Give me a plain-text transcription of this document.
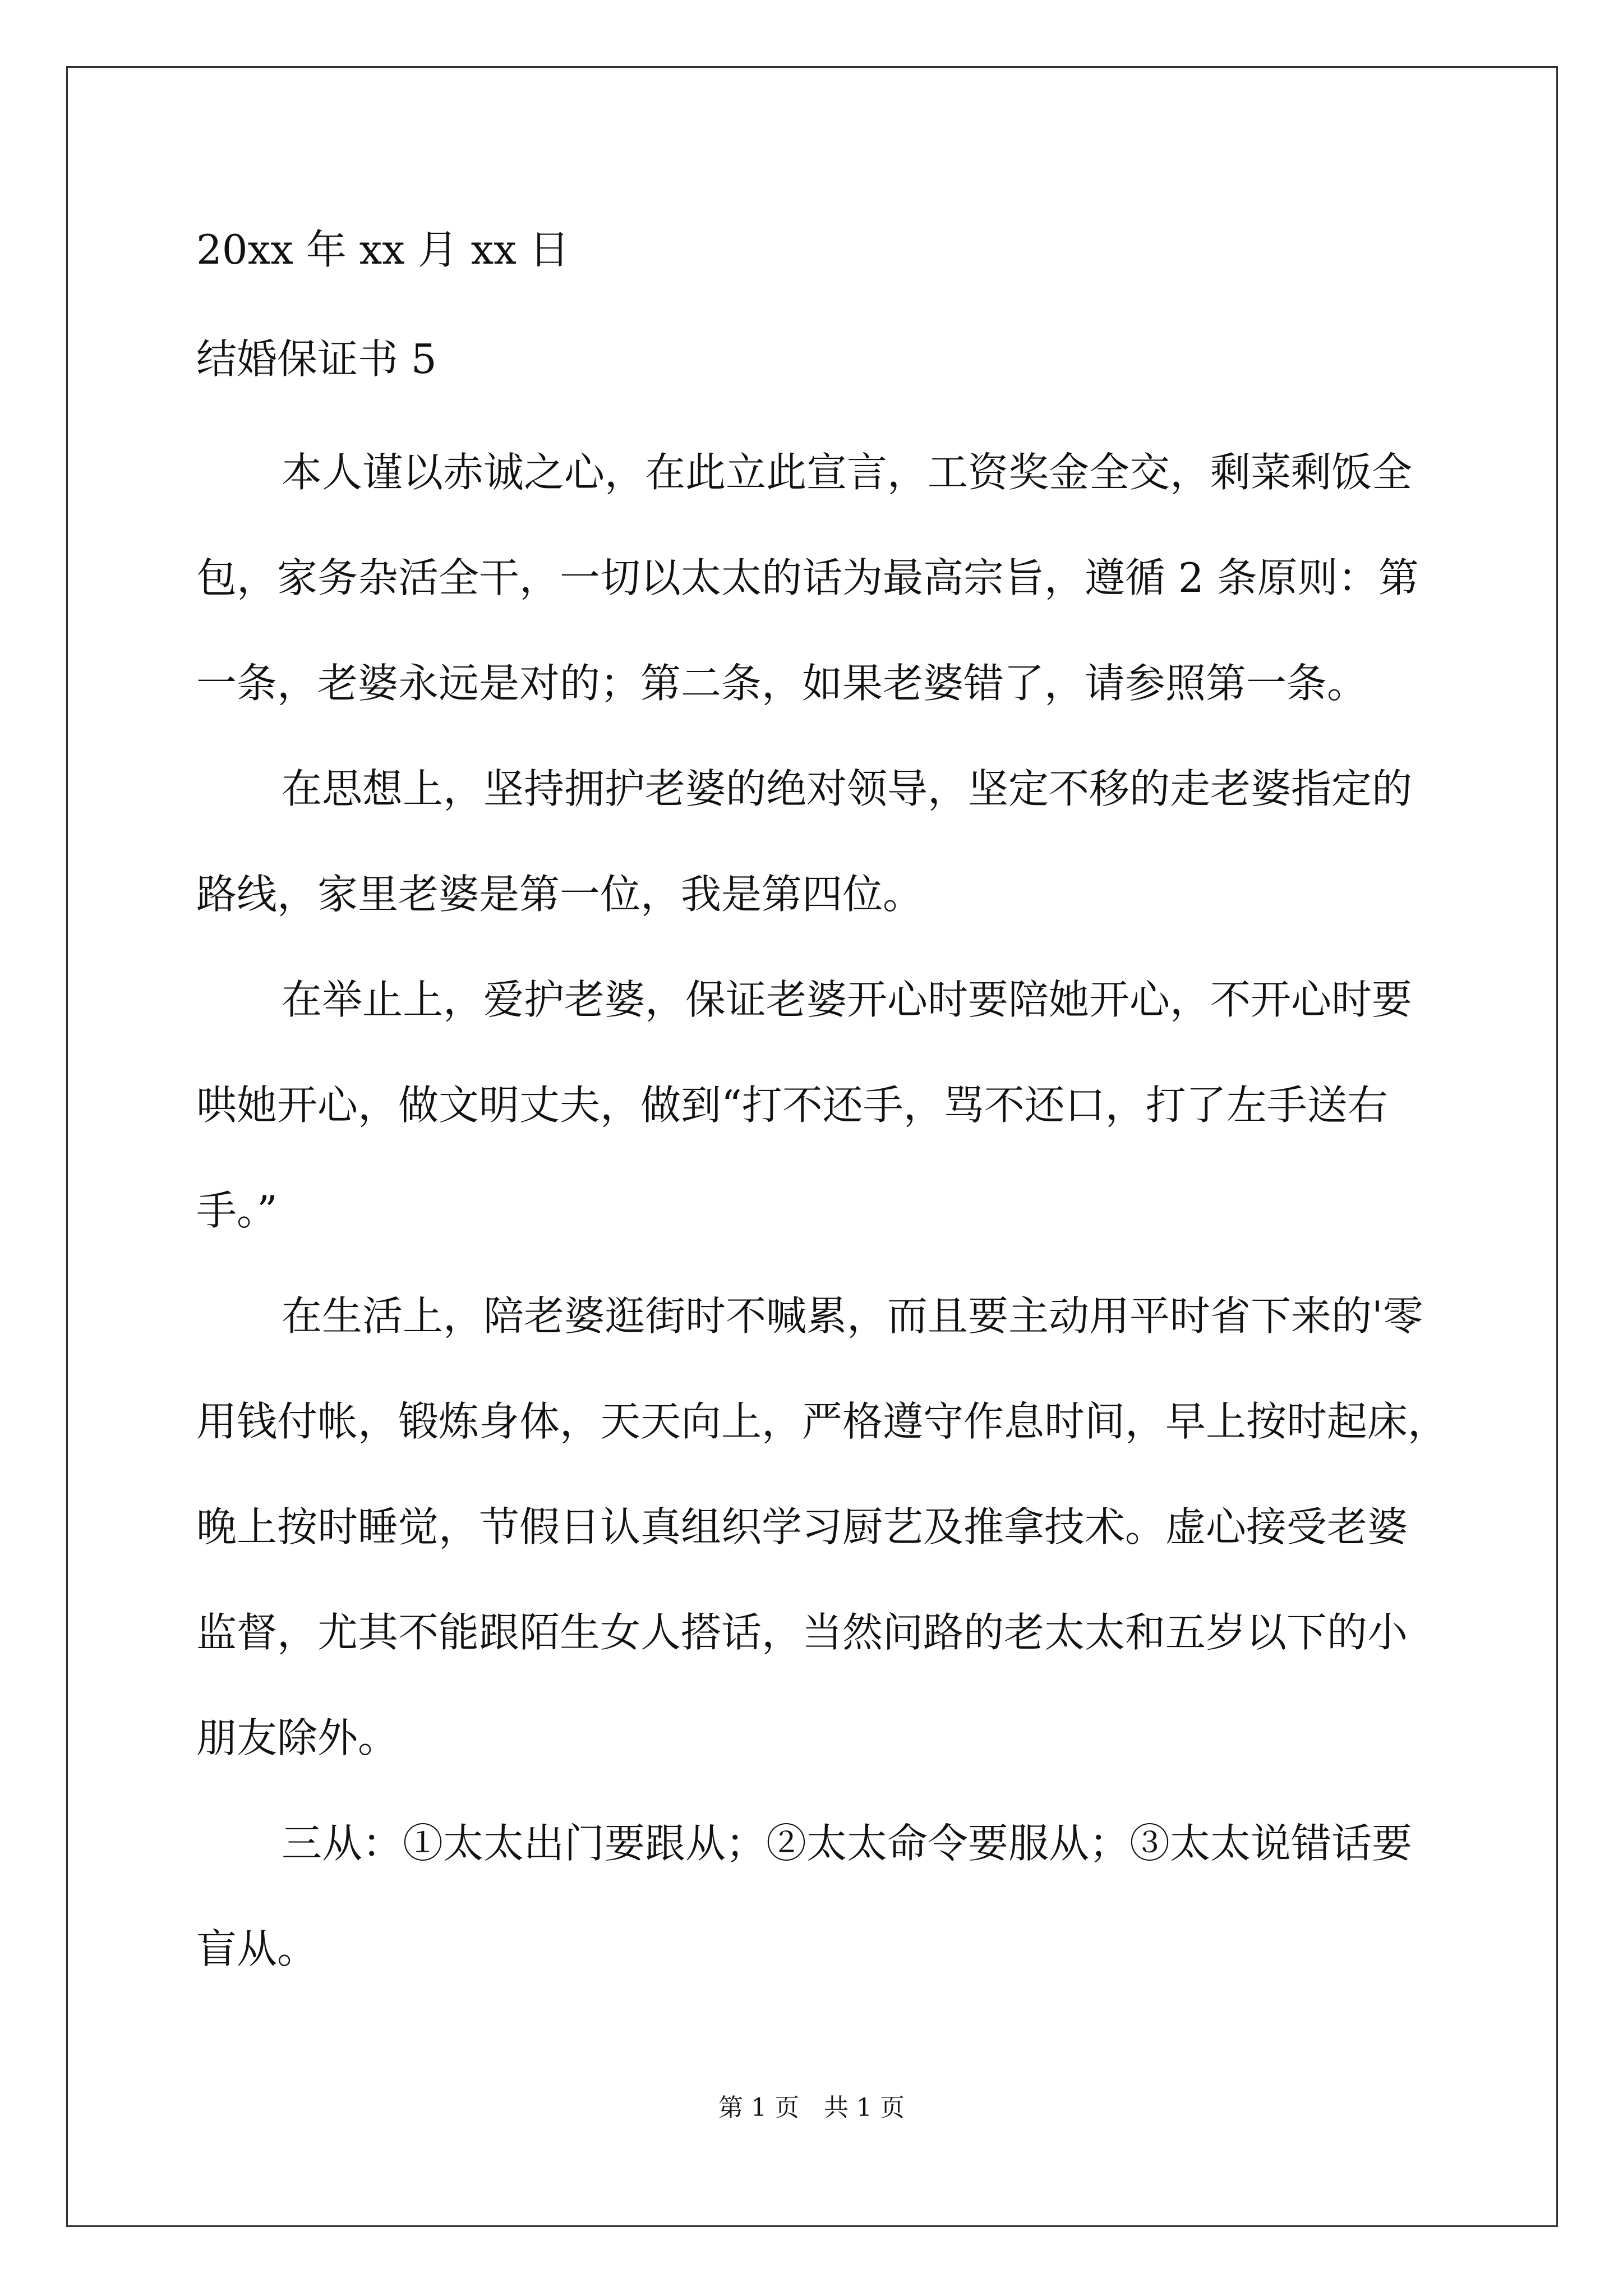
20xx 年 xx 月 xx 日

结婚保证书 5

本人谨以赤诚之心，在此立此宣言，工资奖金全交，剩菜剩饭全
包，家务杂活全干，一切以太太的话为最高宗旨，遵循 2 条原则：第
一条，老婆永远是对的；第二条，如果老婆错了，请参照第一条。
在思想上，坚持拥护老婆的绝对领导，坚定不移的走老婆指定的
路线，家里老婆是第一位，我是第四位。
在举止上，爱护老婆，保证老婆开心时要陪她开心，不开心时要
哄她开心，做文明丈夫，做到“打不还手，骂不还口，打了左手送右
手。”
在生活上，陪老婆逛街时不喊累，而且要主动用平时省下来的'零
用钱付帐，锻炼身体，天天向上，严格遵守作息时间，早上按时起床，
晚上按时睡觉，节假日认真组织学习厨艺及推拿技术。虚心接受老婆
监督，尤其不能跟陌生女人搭话，当然问路的老太太和五岁以下的小
朋友除外。
三从：①太太出门要跟从；②太太命令要服从；③太太说错话要
盲从。
第 1 页　共 1 页
